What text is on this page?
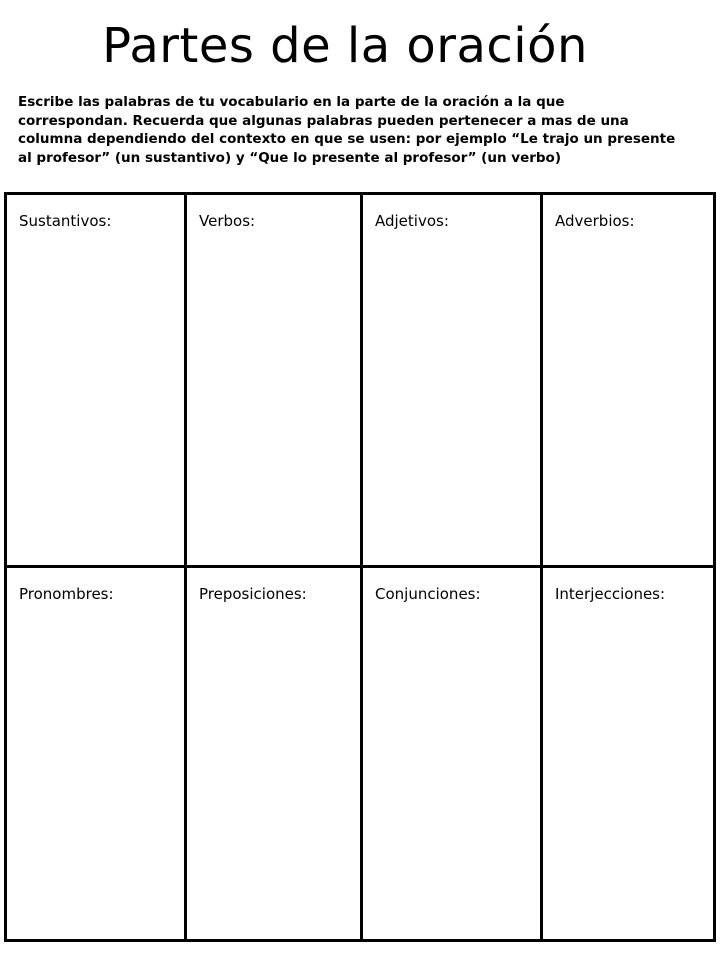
Partes de la oración
Escribe las palabras de tu vocabulario en la parte de la oración a la que
correspondan. Recuerda que algunas palabras pueden pertenecer a mas de una
columna dependiendo del contexto en que se usen: por ejemplo “Le trajo un presente
al profesor” (un sustantivo) y “Que lo presente al profesor” (un verbo)
Sustantivos:	Verbos:	Adjetivos:	Adverbios:
Pronombres:	Preposiciones:	Conjunciones:	Interjecciones:
